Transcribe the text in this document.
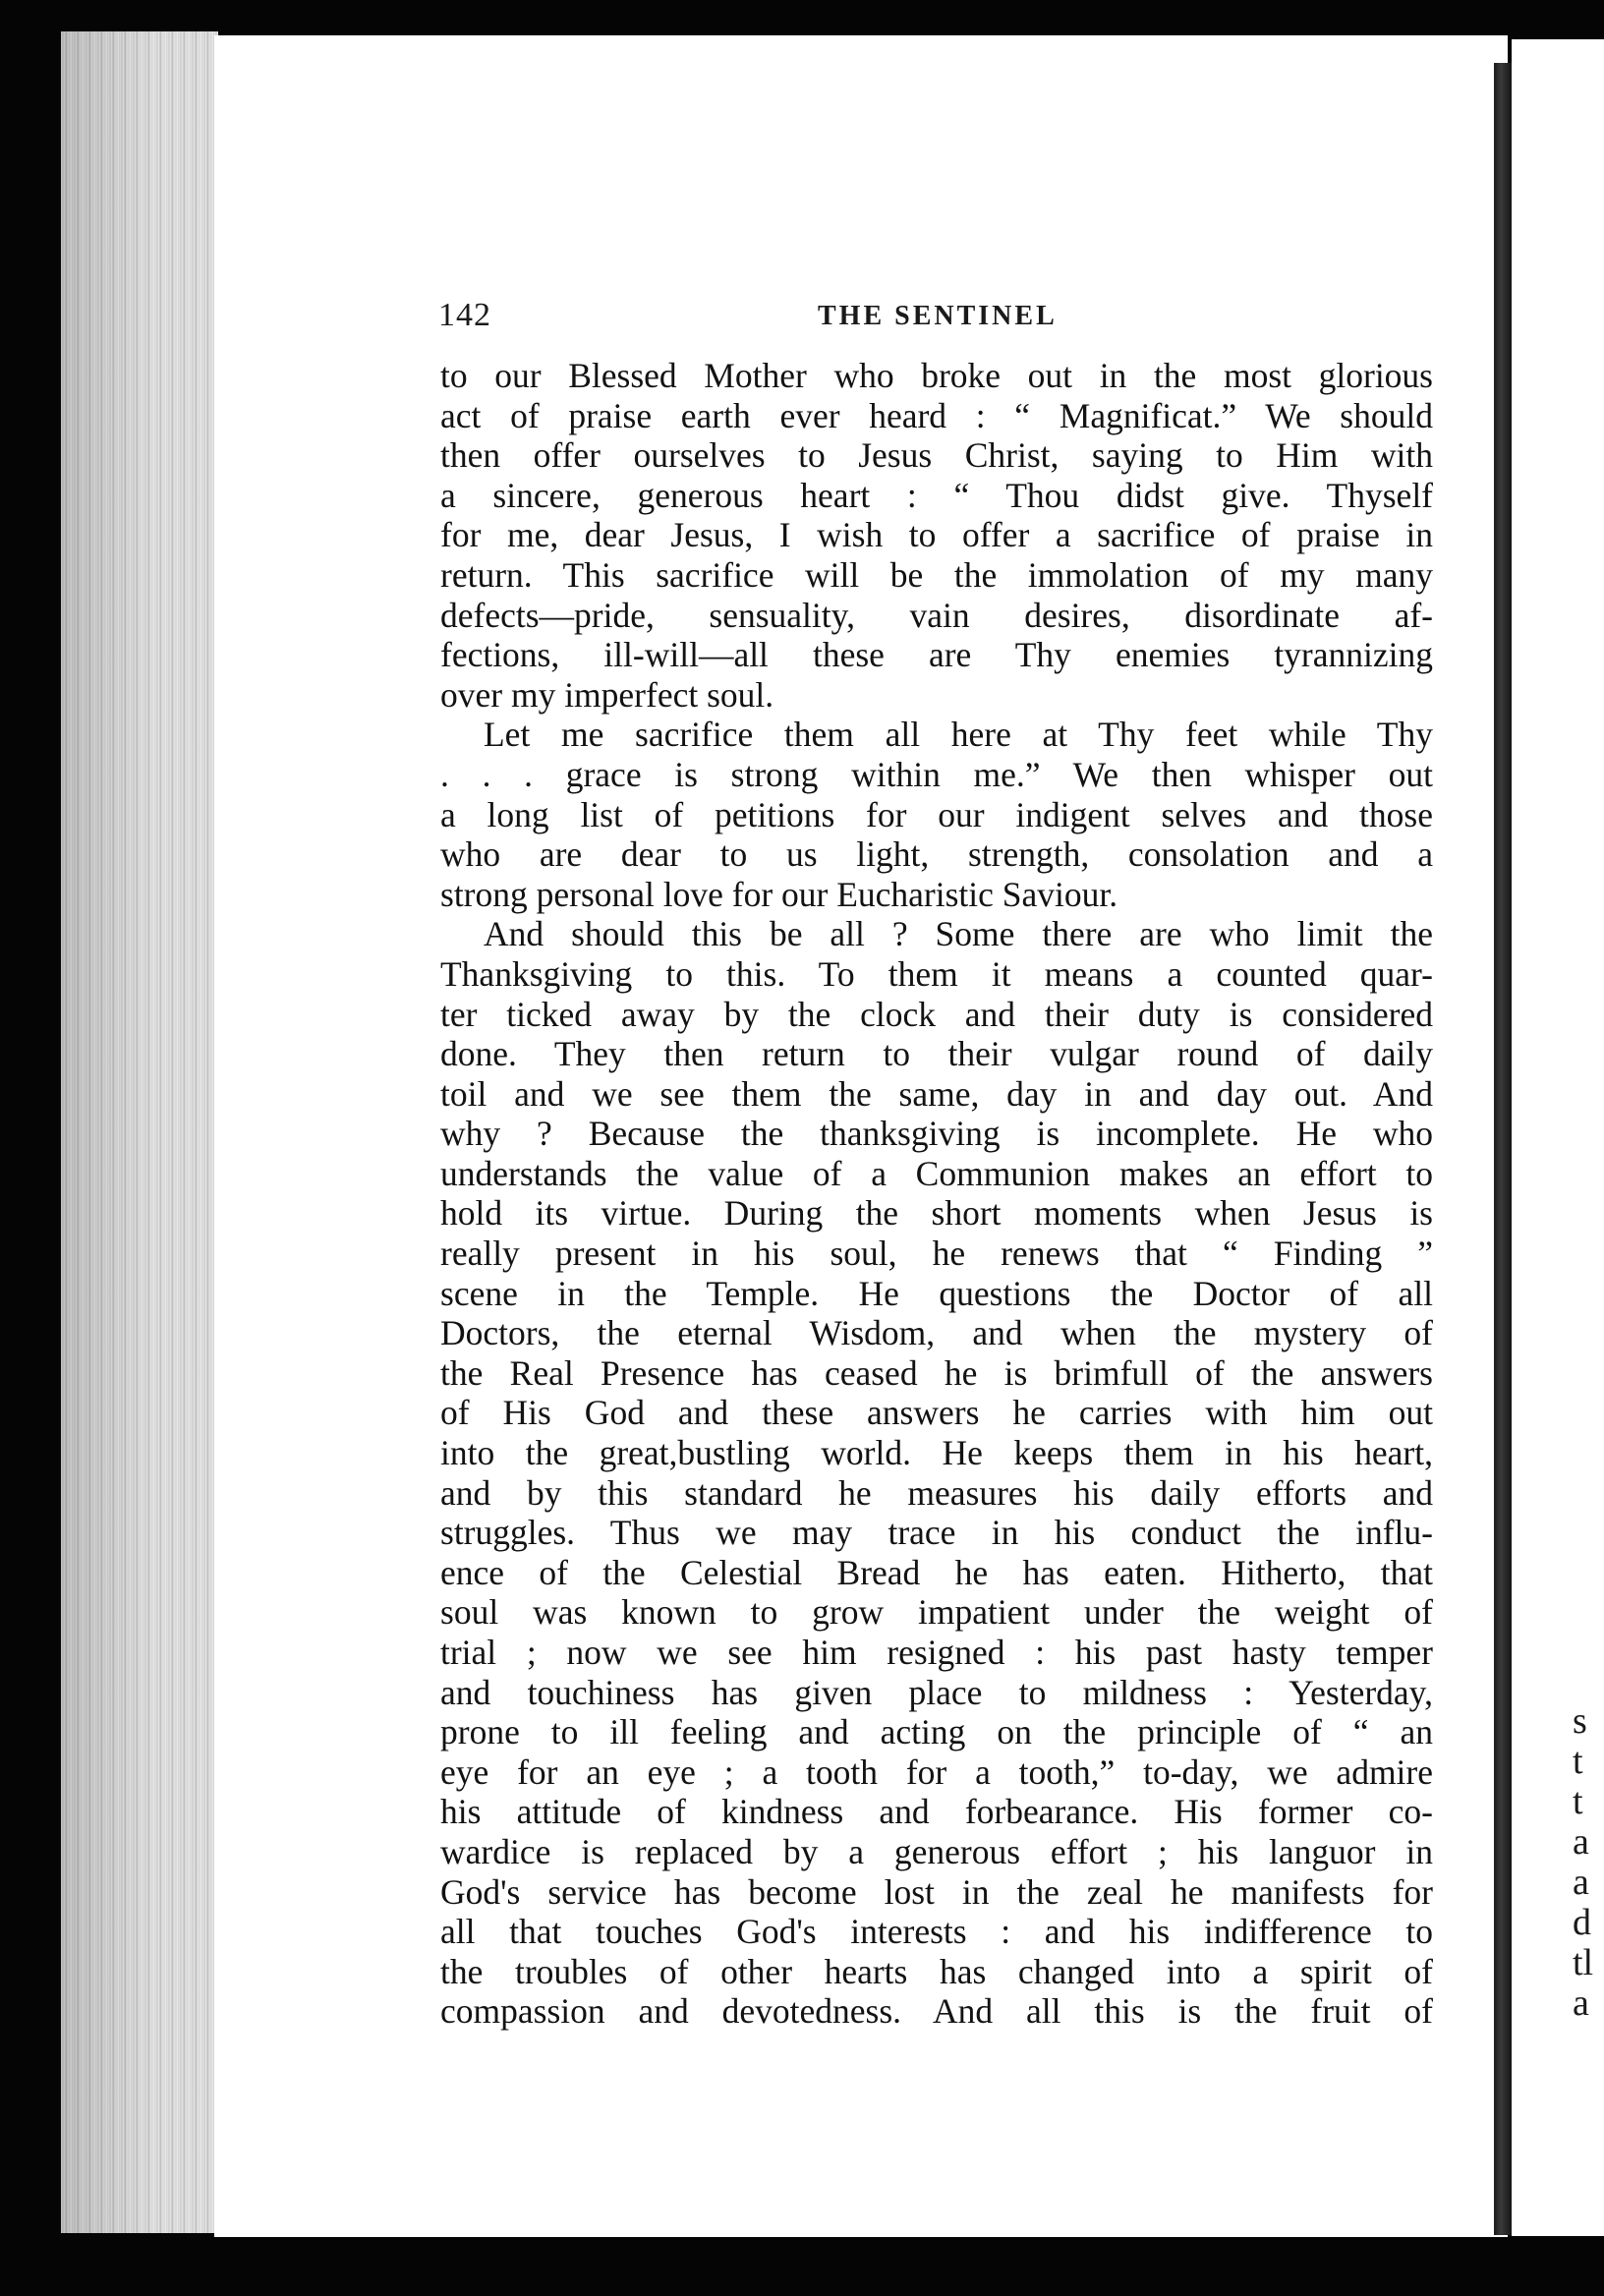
s
t
t
a
a
d
tl
a
142	THE SENTINEL
to our Blessed Mother who broke out in the most glorious
act of praise earth ever heard : “ Magnificat.” We should
then offer ourselves to Jesus Christ, saying to Him with
a sincere, generous heart : “ Thou didst give. Thyself
for me, dear Jesus, I wish to offer a sacrifice of praise in
return. This sacrifice will be the immolation of my many
defects—pride, sensuality, vain desires, disordinate af-
fections, ill-will—all these are Thy enemies tyrannizing
over my imperfect soul.
Let me sacrifice them all here at Thy feet while Thy
. . . grace is strong within me.” We then whisper out
a long list of petitions for our indigent selves and those
who are dear to us light, strength, consolation and a
strong personal love for our Eucharistic Saviour.
And should this be all ? Some there are who limit the
Thanksgiving to this. To them it means a counted quar-
ter ticked away by the clock and their duty is considered
done. They then return to their vulgar round of daily
toil and we see them the same, day in and day out. And
why ? Because the thanksgiving is incomplete. He who
understands the value of a Communion makes an effort to
hold its virtue. During the short moments when Jesus is
really present in his soul, he renews that “ Finding ”
scene in the Temple. He questions the Doctor of all
Doctors, the eternal Wisdom, and when the mystery of
the Real Presence has ceased he is brimfull of the answers
of His God and these answers he carries with him out
into the great,bustling world. He keeps them in his heart,
and by this standard he measures his daily efforts and
struggles. Thus we may trace in his conduct the influ-
ence of the Celestial Bread he has eaten. Hitherto, that
soul was known to grow impatient under the weight of
trial ; now we see him resigned : his past hasty temper
and touchiness has given place to mildness : Yesterday,
prone to ill feeling and acting on the principle of “ an
eye for an eye ; a tooth for a tooth,” to-day, we admire
his attitude of kindness and forbearance. His former co-
wardice is replaced by a generous effort ; his languor in
God's service has become lost in the zeal he manifests for
all that touches God's interests : and his indifference to
the troubles of other hearts has changed into a spirit of
compassion and devotedness. And all this is the fruit of
